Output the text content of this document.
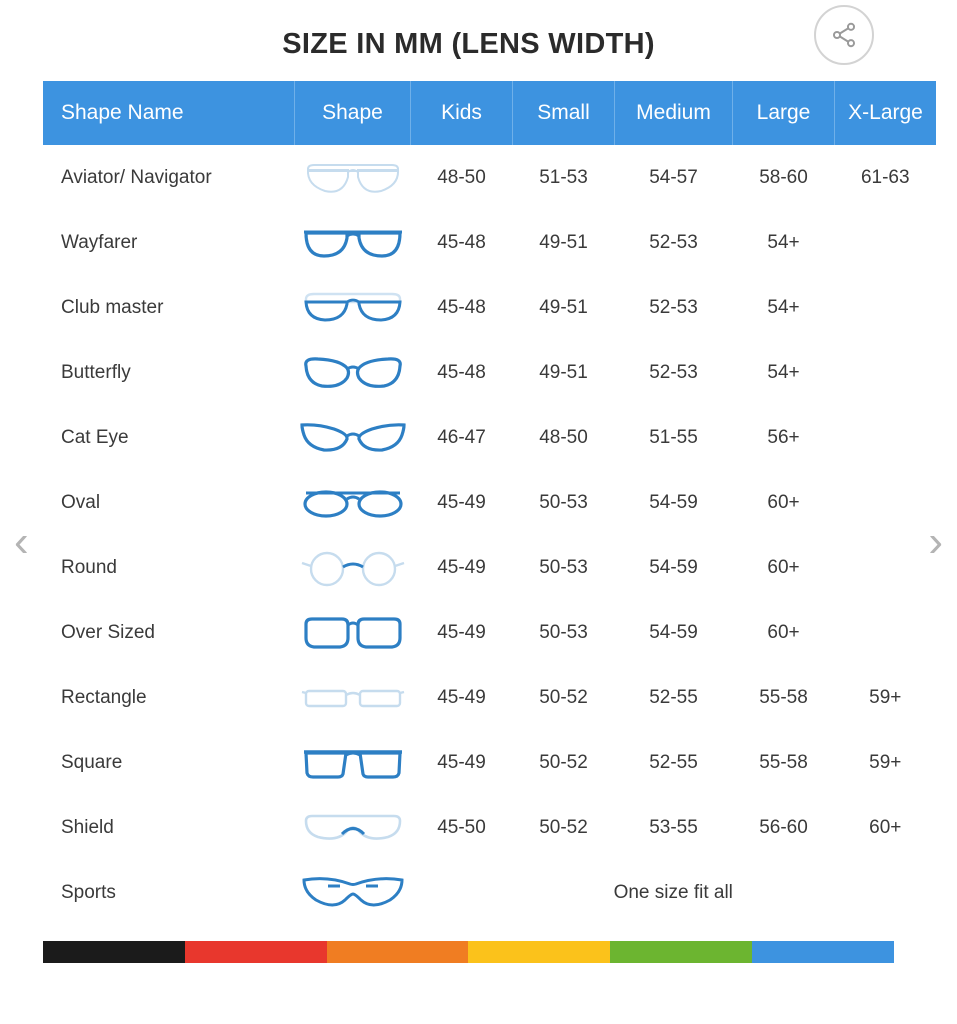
SIZE IN MM (LENS WIDTH)
Shape Name	Shape	Kids	Small	Medium	Large	X-Large
Aviator/ Navigator		48-50	51-53	54-57	58-60	61-63
Wayfarer		45-48	49-51	52-53	54+	
Club master		45-48	49-51	52-53	54+	
Butterfly		45-48	49-51	52-53	54+	
Cat Eye		46-47	48-50	51-55	56+	
Oval		45-49	50-53	54-59	60+	
Round		45-49	50-53	54-59	60+	
Over Sized		45-49	50-53	54-59	60+	
Rectangle		45-49	50-52	52-55	55-58	59+
Square		45-49	50-52	52-55	55-58	59+
Shield		45-50	50-52	53-55	56-60	60+
Sports		One size fit all				
‹	›
